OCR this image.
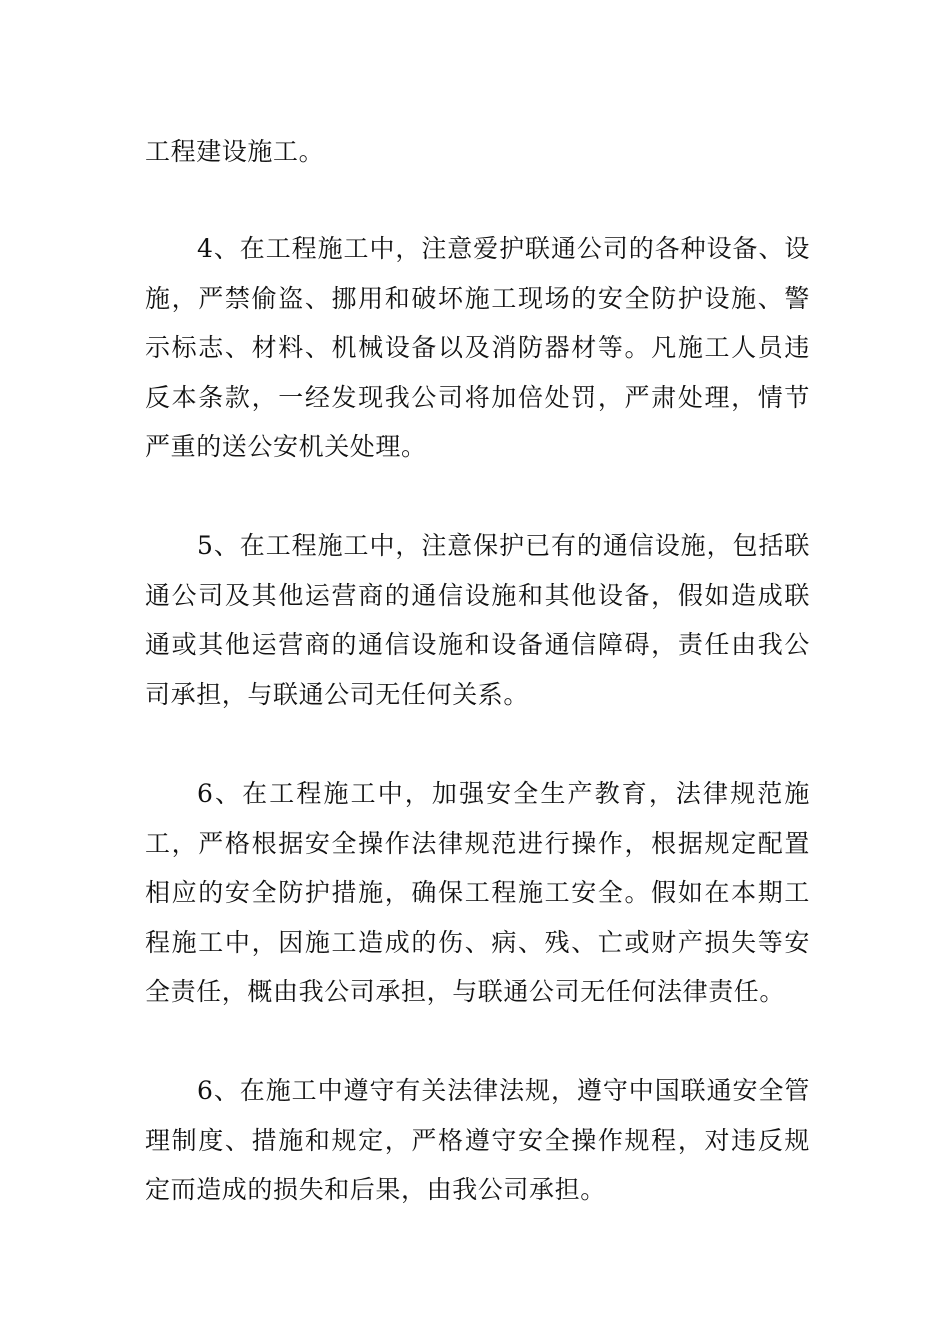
工程建设施工。

4、在工程施工中，注意爱护联通公司的各种设备、设施，严禁偷盗、挪用和破坏施工现场的安全防护设施、警示标志、材料、机械设备以及消防器材等。凡施工人员违反本条款，一经发现我公司将加倍处罚，严肃处理，情节严重的送公安机关处理。

5、在工程施工中，注意保护已有的通信设施，包括联通公司及其他运营商的通信设施和其他设备，假如造成联通或其他运营商的通信设施和设备通信障碍，责任由我公司承担，与联通公司无任何关系。

6、在工程施工中，加强安全生产教育，法律规范施工，严格根据安全操作法律规范进行操作，根据规定配置相应的安全防护措施，确保工程施工安全。假如在本期工程施工中，因施工造成的伤、病、残、亡或财产损失等安全责任，概由我公司承担，与联通公司无任何法律责任。

6、在施工中遵守有关法律法规，遵守中国联通安全管理制度、措施和规定，严格遵守安全操作规程，对违反规定而造成的损失和后果，由我公司承担。
